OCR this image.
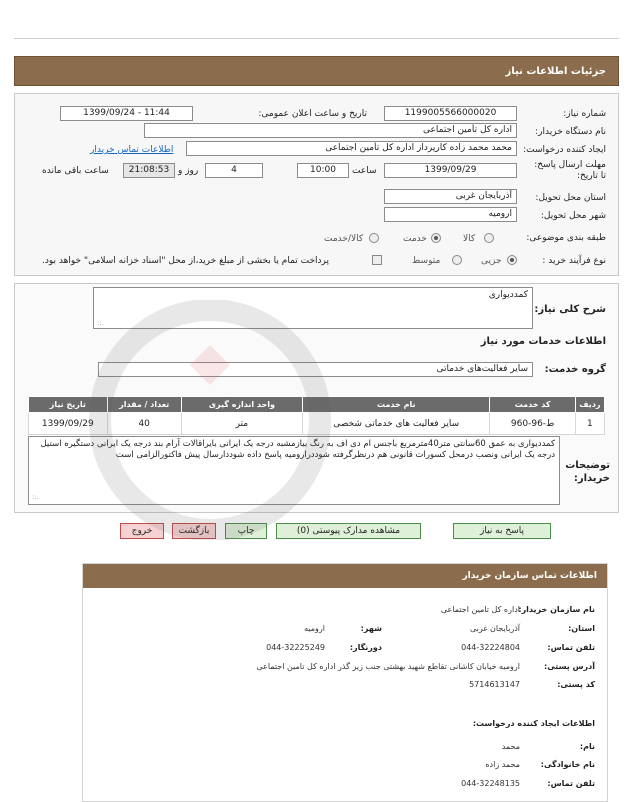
جزئیات اطلاعات نیاز
شماره نیاز:
1199005566000020
تاریخ و ساعت اعلان عمومی:
1399/09/24 - 11:44
نام دستگاه خریدار:
اداره کل تأمین اجتماعی
ایجاد کننده درخواست:
محمد محمد زاده کارپرداز اداره کل تأمین اجتماعی
اطلاعات تماس خریدار
مهلت ارسال پاسخ: تا تاریخ:
1399/09/29
ساعت
10:00
4
روز و
21:08:53
ساعت باقی مانده
استان محل تحویل:
آذربایجان غربی
شهر محل تحویل:
ارومیه
طبقه بندی موضوعی:
کالا
خدمت
کالا/خدمت
نوع فرآیند خرید :
جزیی
متوسط
پرداخت تمام یا بخشی از مبلغ خرید،از محل "اسناد خزانه اسلامی" خواهد بود.
شرح کلی نیاز:
کمددیواری
.::
اطلاعات خدمات مورد نیاز
گروه خدمت:
سایر فعالیت‌های خدماتی
ردیف	کد خدمت	نام خدمت	واحد اندازه گیری	تعداد / مقدار	تاریخ نیاز
1	ط-96-960	سایر فعالیت های خدماتی شخصی	متر	40	1399/09/29
توضیحات خریدار:
کمددیواری به عمق 60سانتی متر40مترمربع باجنس ام دی اف به رنگ بیازمشبه درجه یک ایرانی بایراقالات آرام بند درجه یک ایرانی دستگیره استیل درجه یک ایرانی ونصب درمحل کسورات قانونی هم درنظرگرفته شوددرارومیه پاسخ داده شوددارسال پیش فاکتورالزامی است
.::
پاسخ به نیاز
مشاهده مدارک پیوستی (0)
چاپ
بازگشت
خروج
اطلاعات تماس سازمان خریدار
نام سازمان خریدار:
اداره کل تامین اجتماعی
استان:
آذربایجان غربی
شهر:
ارومیه
تلفن تماس:
044-32224804
دورنگار:
044-32225249
آدرس پستی:
ارومیه خیابان کاشانی تقاطع شهید بهشتی جنب زیر گذر اداره کل تامین اجتماعی
کد پستی:
5714613147
اطلاعات ایجاد کننده درخواست:
نام:
محمد
نام خانوادگی:
محمد زاده
تلفن تماس:
044-32248135
